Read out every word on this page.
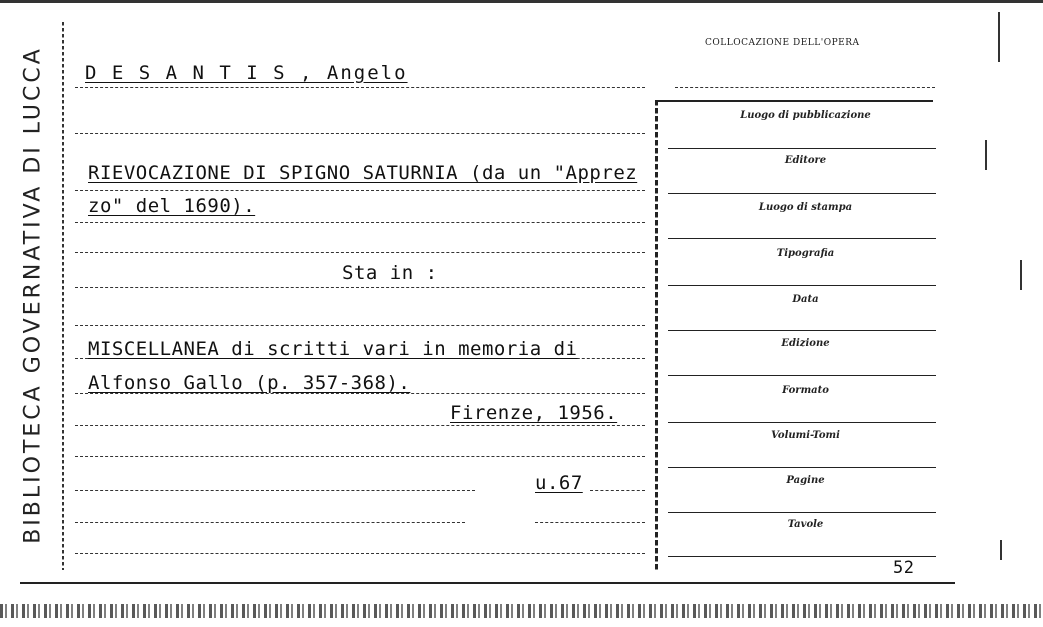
BIBLIOTECA GOVERNATIVA DI LUCCA D E S A N T I S , Angelo
RIEVOCAZIONE DI SPIGNO SATURNIA (da un "Apprez
zo" del 1690).
Sta in :
MISCELLANEA di scritti vari in memoria di
Alfonso Gallo (p. 357-368).
Firenze, 1956.
u.67
COLLOCAZIONE DELL'OPERA
Luogo di pubblicazione
Editore
Luogo di stampa
Tipografia
Data
Edizione
Formato
Volumi-Tomi
Pagine
Tavole
52
